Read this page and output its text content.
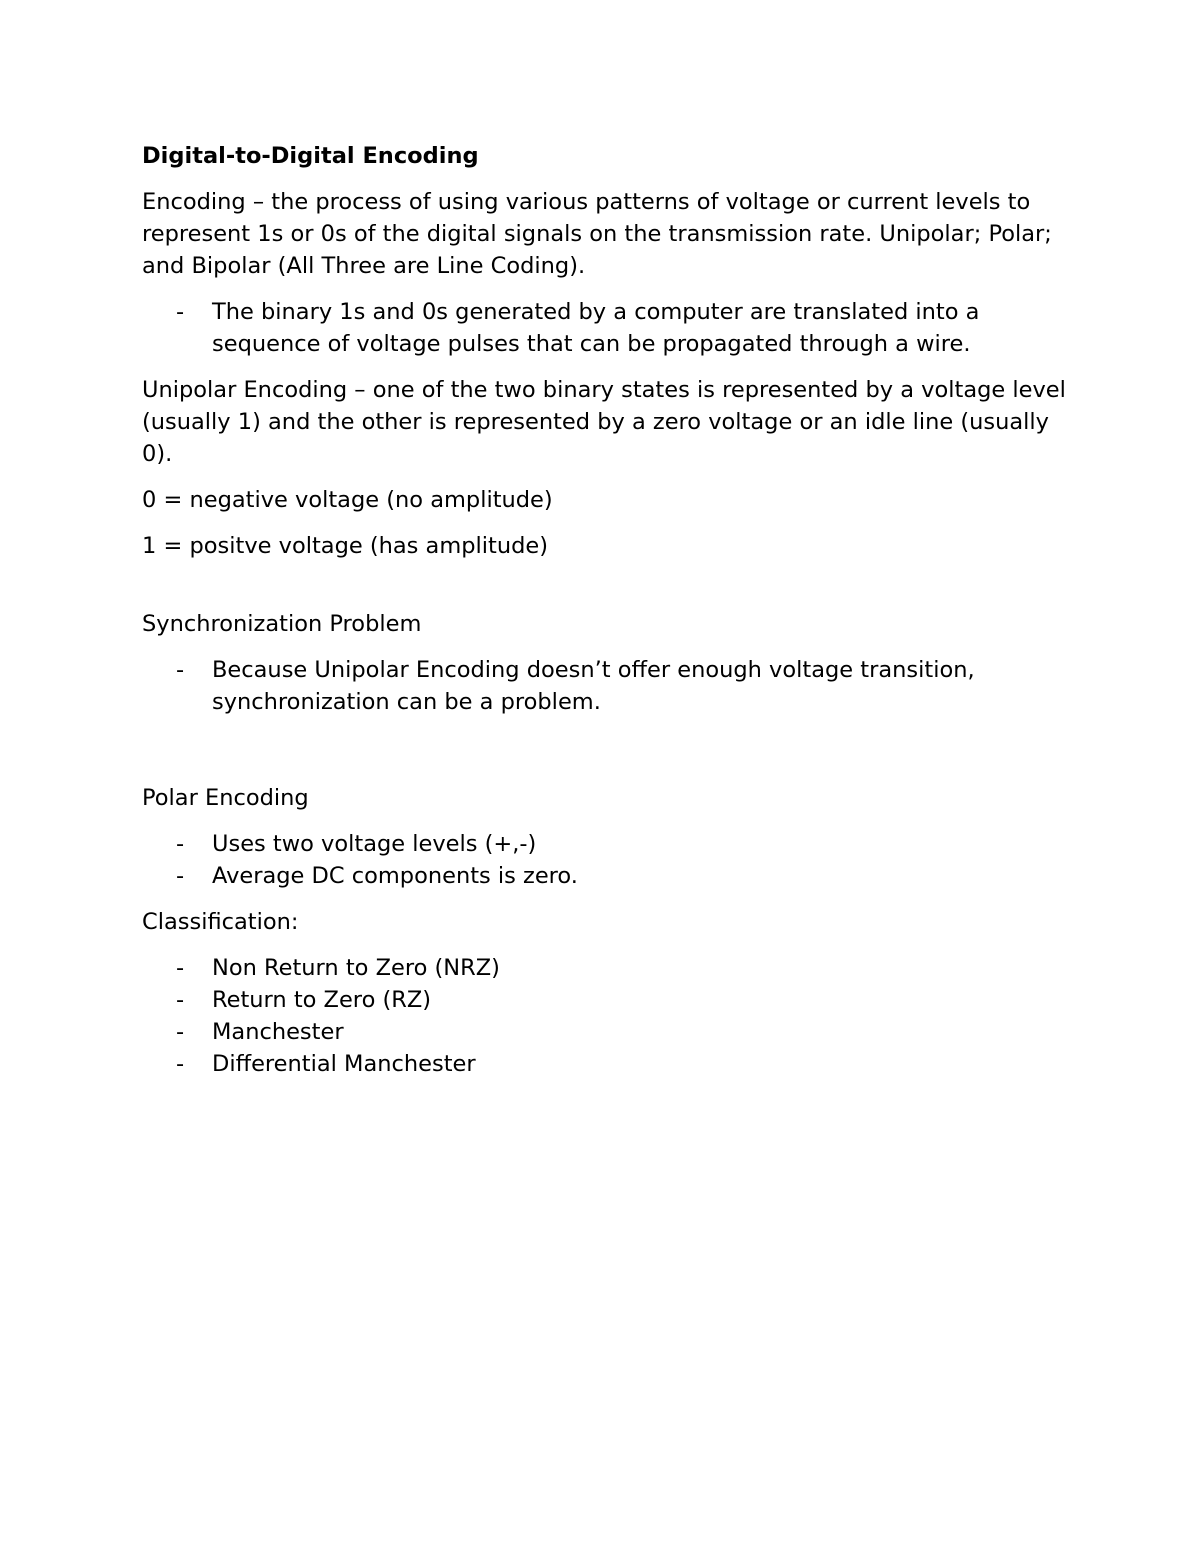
Digital-to-Digital Encoding
Encoding – the process of using various patterns of voltage or current levels to represent 1s or 0s of the digital signals on the transmission rate. Unipolar; Polar; and Bipolar (All Three are Line Coding).
- The binary 1s and 0s generated by a computer are translated into a sequence of voltage pulses that can be propagated through a wire.
Unipolar Encoding – one of the two binary states is represented by a voltage level (usually 1) and the other is represented by a zero voltage or an idle line (usually 0).
0 = negative voltage (no amplitude)
1 = positve voltage (has amplitude)
Synchronization Problem
- Because Unipolar Encoding doesn’t offer enough voltage transition, synchronization can be a problem.
Polar Encoding
- Uses two voltage levels (+,-)
- Average DC components is zero.
Classification:
- Non Return to Zero (NRZ)
- Return to Zero (RZ)
- Manchester
- Differential Manchester
